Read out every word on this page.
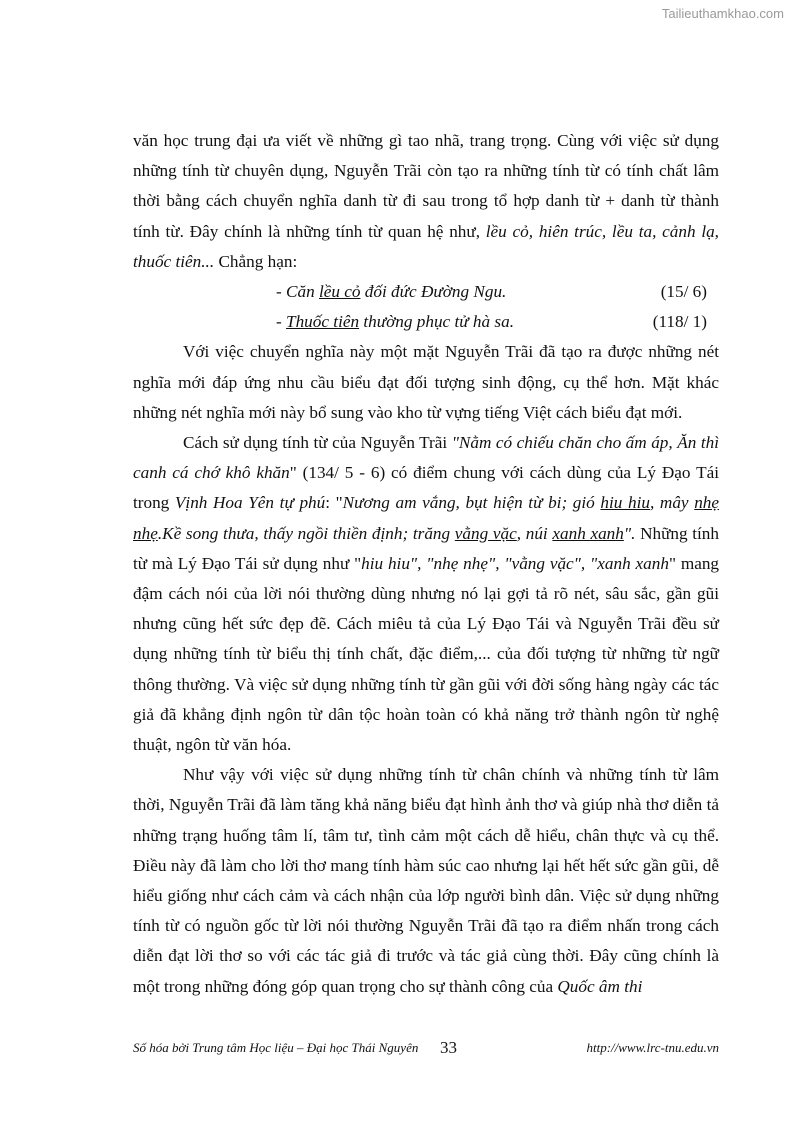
Tailieuthamkhao.com

văn học trung đại ưa viết về những gì tao nhã, trang trọng. Cùng với việc sử dụng những tính từ chuyên dụng, Nguyễn Trãi còn tạo ra những tính từ có tính chất lâm thời bằng cách chuyển nghĩa danh từ đi sau trong tổ hợp danh từ + danh từ thành tính từ. Đây chính là những tính từ quan hệ như, lều cỏ, hiên trúc, lều ta, cảnh lạ, thuốc tiên... Chẳng hạn:

- Căn lều cỏ đối đức Đường Ngu.	(15/ 6)
- Thuốc tiên thường phục tử hà sa.	(118/ 1)

Với việc chuyển nghĩa này một mặt Nguyễn Trãi đã tạo ra được những nét nghĩa mới đáp ứng nhu cầu biểu đạt đối tượng sinh động, cụ thể hơn. Mặt khác những nét nghĩa mới này bổ sung vào kho từ vựng tiếng Việt cách biểu đạt mới.

Cách sử dụng tính từ của Nguyễn Trãi "Nằm có chiếu chăn cho ấm áp, Ăn thì canh cá chớ khô khăn" (134/ 5 - 6) có điểm chung với cách dùng của Lý Đạo Tái trong Vịnh Hoa Yên tự phú: "Nương am vắng, bụt hiện từ bi; gió hiu hiu, mây nhẹ nhẹ.Kề song thưa, thấy ngồi thiền định; trăng vằng vặc, núi xanh xanh". Những tính từ mà Lý Đạo Tái sử dụng như "hiu hiu", "nhẹ nhẹ", "vằng vặc", "xanh xanh" mang đậm cách nói của lời nói thường dùng nhưng nó lại gợi tả rõ nét, sâu sắc, gần gũi nhưng cũng hết sức đẹp đẽ. Cách miêu tả của Lý Đạo Tái và Nguyễn Trãi đều sử dụng những tính từ biểu thị tính chất, đặc điểm,... của đối tượng từ những từ ngữ thông thường. Và việc sử dụng những tính từ gần gũi với đời sống hàng ngày các tác giả đã khẳng định ngôn từ dân tộc hoàn toàn có khả năng trở thành ngôn từ nghệ thuật, ngôn từ văn hóa.

Như vậy với việc sử dụng những tính từ chân chính và những tính từ lâm thời, Nguyễn Trãi đã làm tăng khả năng biểu đạt hình ảnh thơ và giúp nhà thơ diễn tả những trạng huống tâm lí, tâm tư, tình cảm một cách dễ hiểu, chân thực và cụ thể. Điều này đã làm cho lời thơ mang tính hàm súc cao nhưng lại hết hết sức gần gũi, dễ hiểu giống như cách cảm và cách nhận của lớp người bình dân. Việc sử dụng những tính từ có nguồn gốc từ lời nói thường Nguyễn Trãi đã tạo ra điểm nhấn trong cách diễn đạt lời thơ so với các tác giả đi trước và tác giả cùng thời. Đây cũng chính là một trong những đóng góp quan trọng cho sự thành công của Quốc âm thi

Số hóa bởi Trung tâm Học liệu – Đại học Thái Nguyên 33	http://www.lrc-tnu.edu.vn
